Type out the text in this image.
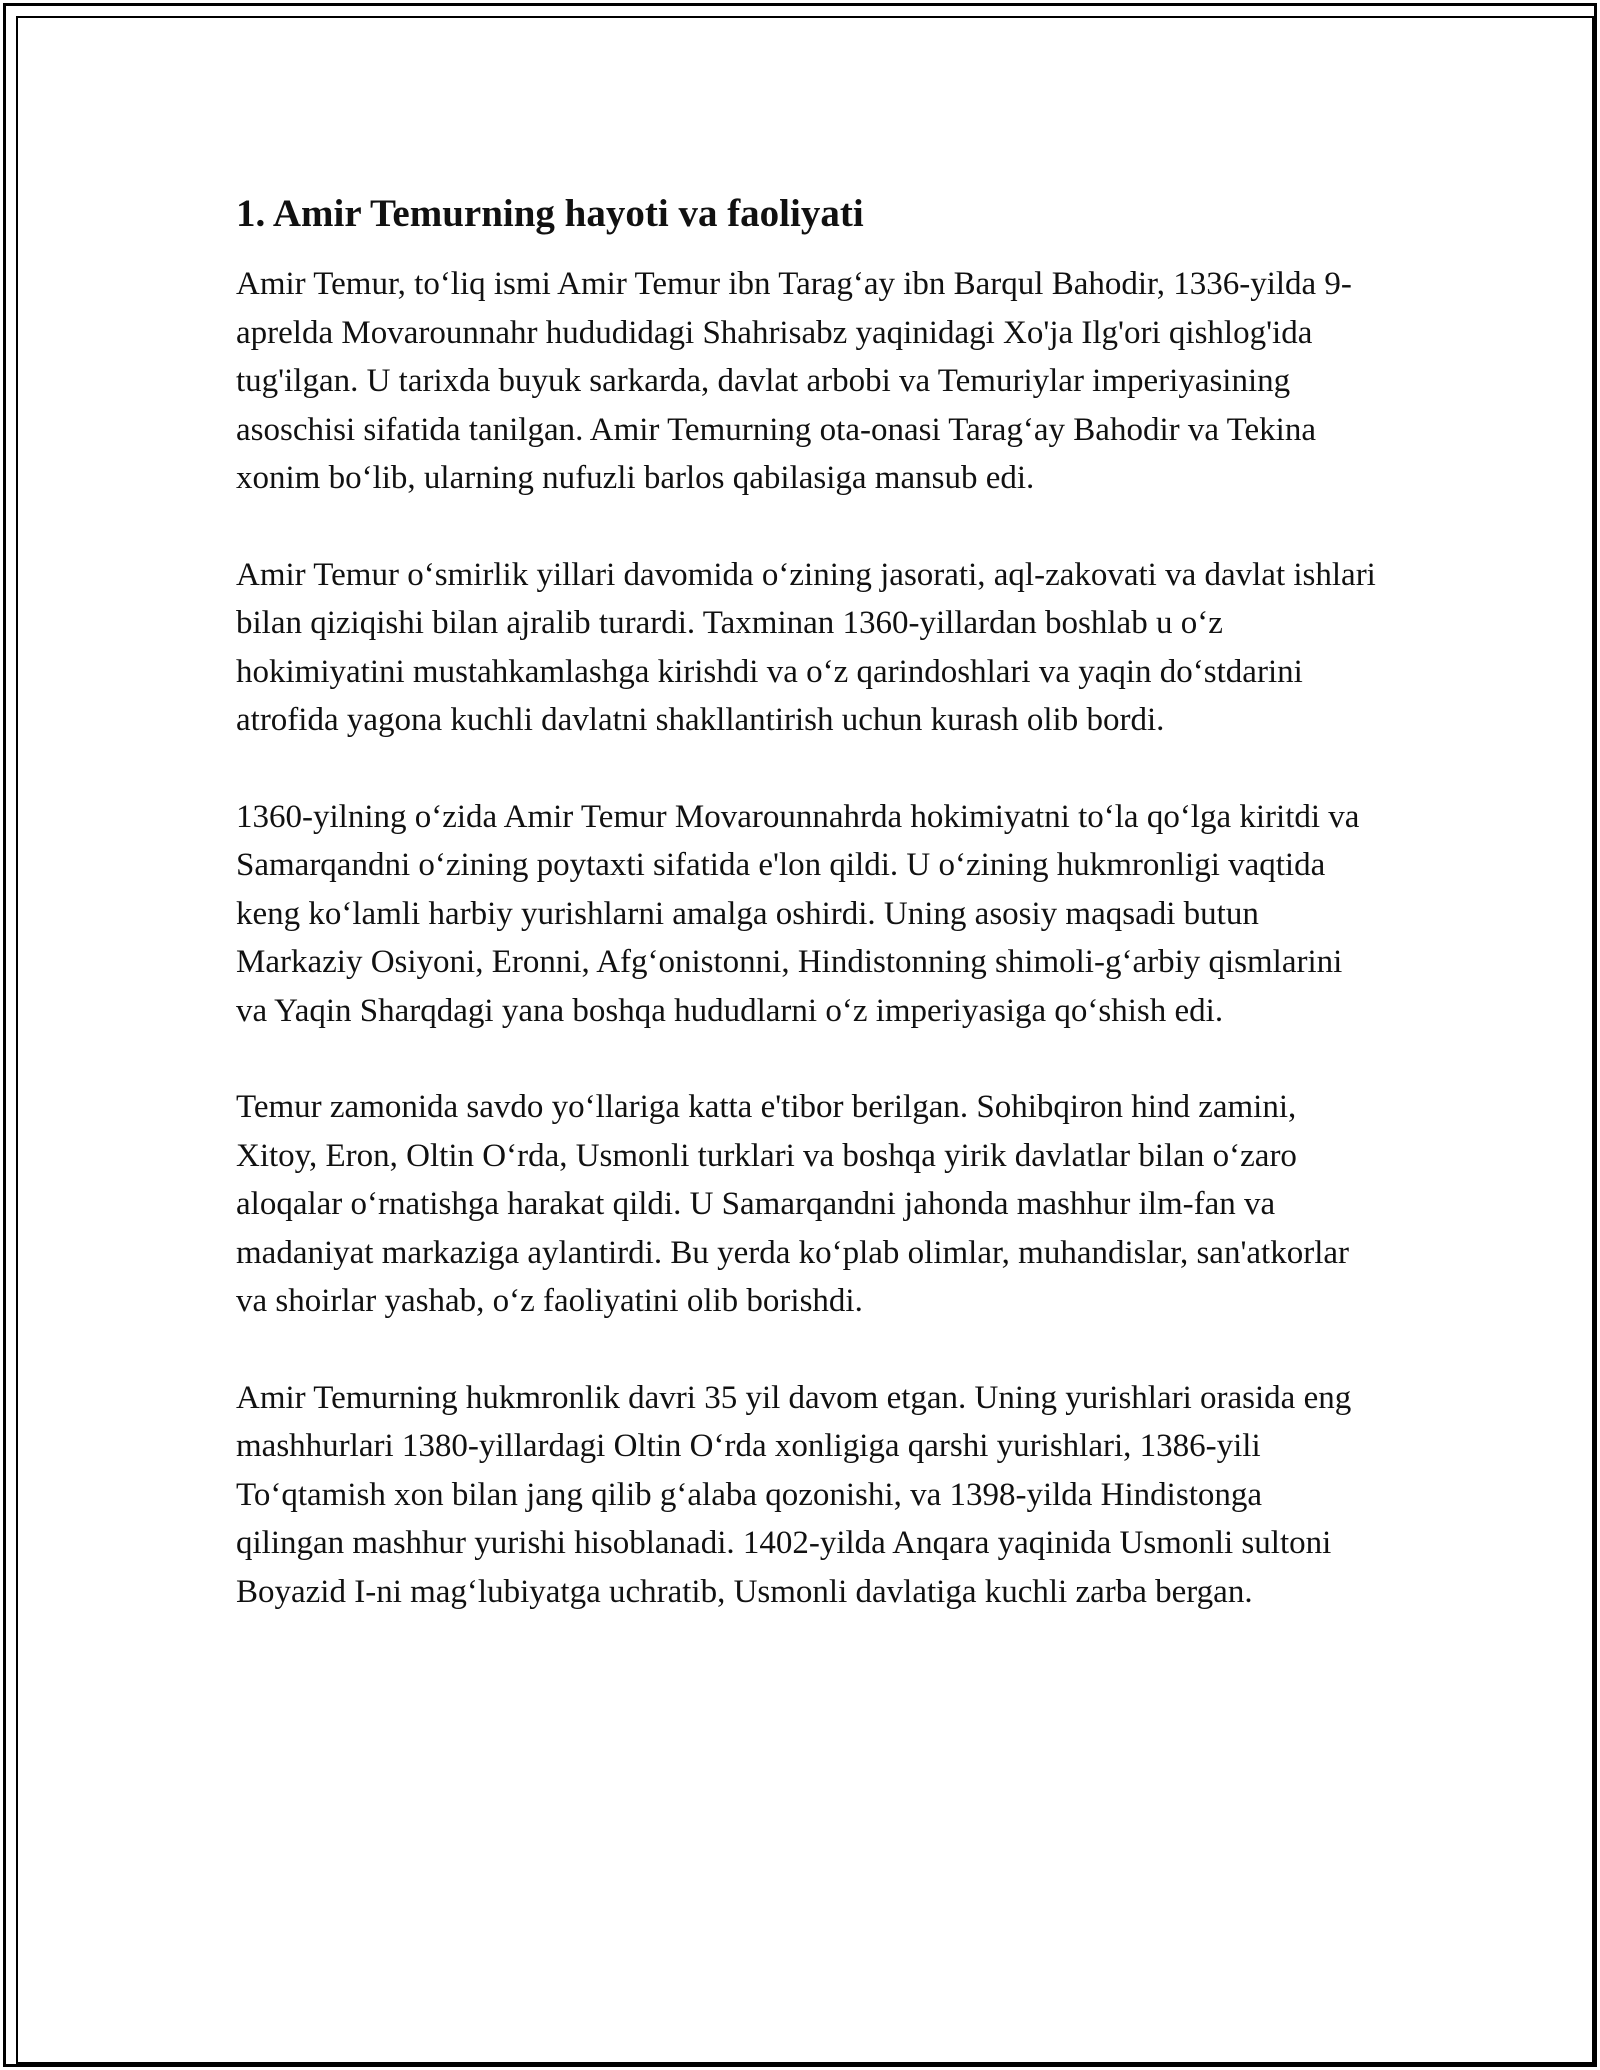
1. Amir Temurning hayoti va faoliyati

Amir Temur, to‘liq ismi Amir Temur ibn Tarag‘ay ibn Barqul Bahodir, 1336-yilda 9-aprelda Movarounnahr hududidagi Shahrisabz yaqinidagi Xo'ja Ilg'ori qishlog'ida tug'ilgan. U tarixda buyuk sarkarda, davlat arbobi va Temuriylar imperiyasining asoschisi sifatida tanilgan. Amir Temurning ota-onasi Tarag‘ay Bahodir va Tekina xonim bo‘lib, ularning nufuzli barlos qabilasiga mansub edi.

Amir Temur o‘smirlik yillari davomida o‘zining jasorati, aql-zakovati va davlat ishlari bilan qiziqishi bilan ajralib turardi. Taxminan 1360-yillardan boshlab u o‘z hokimiyatini mustahkamlashga kirishdi va o‘z qarindoshlari va yaqin do‘stdarini atrofida yagona kuchli davlatni shakllantirish uchun kurash olib bordi.

1360-yilning o‘zida Amir Temur Movarounnahrda hokimiyatni to‘la qo‘lga kiritdi va Samarqandni o‘zining poytaxti sifatida e'lon qildi. U o‘zining hukmronligi vaqtida keng ko‘lamli harbiy yurishlarni amalga oshirdi. Uning asosiy maqsadi butun Markaziy Osiyoni, Eronni, Afg‘onistonni, Hindistonning shimoli-g‘arbiy qismlarini va Yaqin Sharqdagi yana boshqa hududlarni o‘z imperiyasiga qo‘shish edi.

Temur zamonida savdo yo‘llariga katta e'tibor berilgan. Sohibqiron hind zamini, Xitoy, Eron, Oltin O‘rda, Usmonli turklari va boshqa yirik davlatlar bilan o‘zaro aloqalar o‘rnatishga harakat qildi. U Samarqandni jahonda mashhur ilm-fan va madaniyat markaziga aylantirdi. Bu yerda ko‘plab olimlar, muhandislar, san'atkorlar va shoirlar yashab, o‘z faoliyatini olib borishdi.

Amir Temurning hukmronlik davri 35 yil davom etgan. Uning yurishlari orasida eng mashhurlari 1380-yillardagi Oltin O‘rda xonligiga qarshi yurishlari, 1386-yili To‘qtamish xon bilan jang qilib g‘alaba qozonishi, va 1398-yilda Hindistonga qilingan mashhur yurishi hisoblanadi. 1402-yilda Anqara yaqinida Usmonli sultoni Boyazid I-ni mag‘lubiyatga uchratib, Usmonli davlatiga kuchli zarba bergan.
